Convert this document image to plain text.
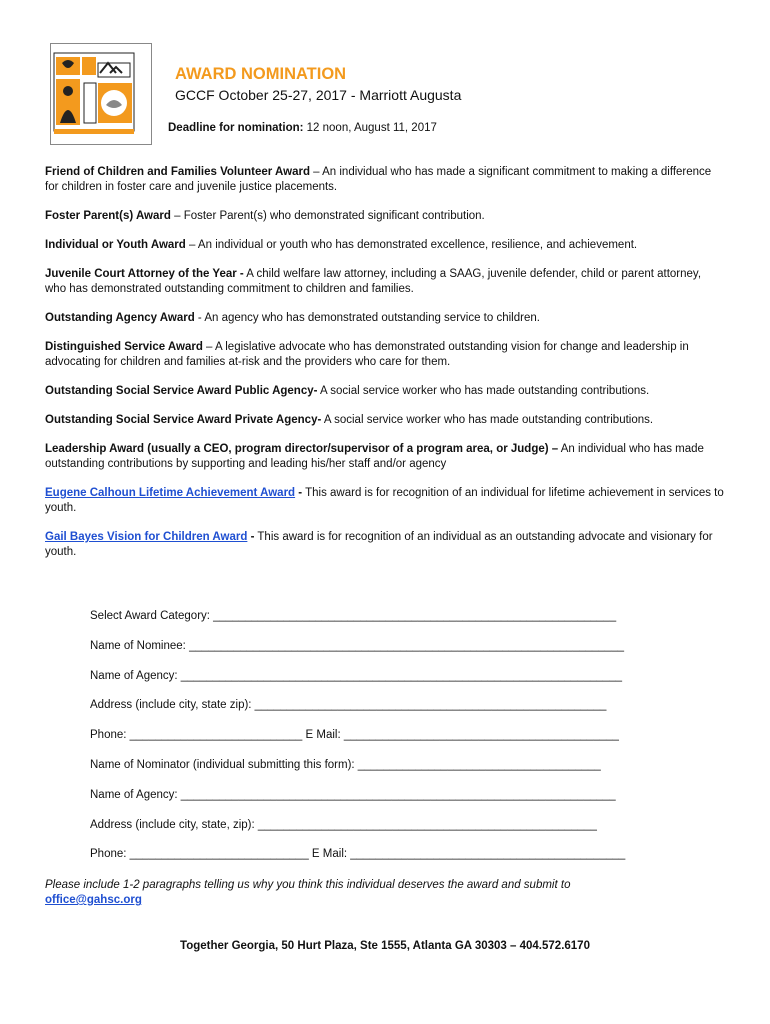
AWARD NOMINATION
GCCF October 25-27, 2017 - Marriott Augusta
Deadline for nomination: 12 noon, August 11, 2017

Friend of Children and Families Volunteer Award – An individual who has made a significant commitment to making a difference for children in foster care and juvenile justice placements.

Foster Parent(s) Award – Foster Parent(s) who demonstrated significant contribution.

Individual or Youth Award – An individual or youth who has demonstrated excellence, resilience, and achievement.

Juvenile Court Attorney of the Year - A child welfare law attorney, including a SAAG, juvenile defender, child or parent attorney, who has demonstrated outstanding commitment to children and families.

Outstanding Agency Award - An agency who has demonstrated outstanding service to children.

Distinguished Service Award – A legislative advocate who has demonstrated outstanding vision for change and leadership in advocating for children and families at-risk and the providers who care for them.

Outstanding Social Service Award Public Agency- A social service worker who has made outstanding contributions.

Outstanding Social Service Award Private Agency- A social service worker who has made outstanding contributions.

Leadership Award (usually a CEO, program director/supervisor of a program area, or Judge) – An individual who has made outstanding contributions by supporting and leading his/her staff and/or agency

Eugene Calhoun Lifetime Achievement Award - This award is for recognition of an individual for lifetime achievement in services to youth.

Gail Bayes Vision for Children Award - This award is for recognition of an individual as an outstanding advocate and visionary for youth.

Select Award Category: _______________________________________________________________
Name of Nominee: ____________________________________________________________________
Name of Agency: _____________________________________________________________________
Address (include city, state zip): _______________________________________________________
Phone: ___________________________ E Mail: ___________________________________________
Name of Nominator (individual submitting this form): ______________________________________
Name of Agency: ____________________________________________________________________
Address (include city, state, zip): _____________________________________________________
Phone: ____________________________ E Mail: ___________________________________________
Please include 1-2 paragraphs telling us why you think this individual deserves the award and submit to
office@gahsc.org
Together Georgia, 50 Hurt Plaza, Ste 1555, Atlanta GA 30303 – 404.572.6170
